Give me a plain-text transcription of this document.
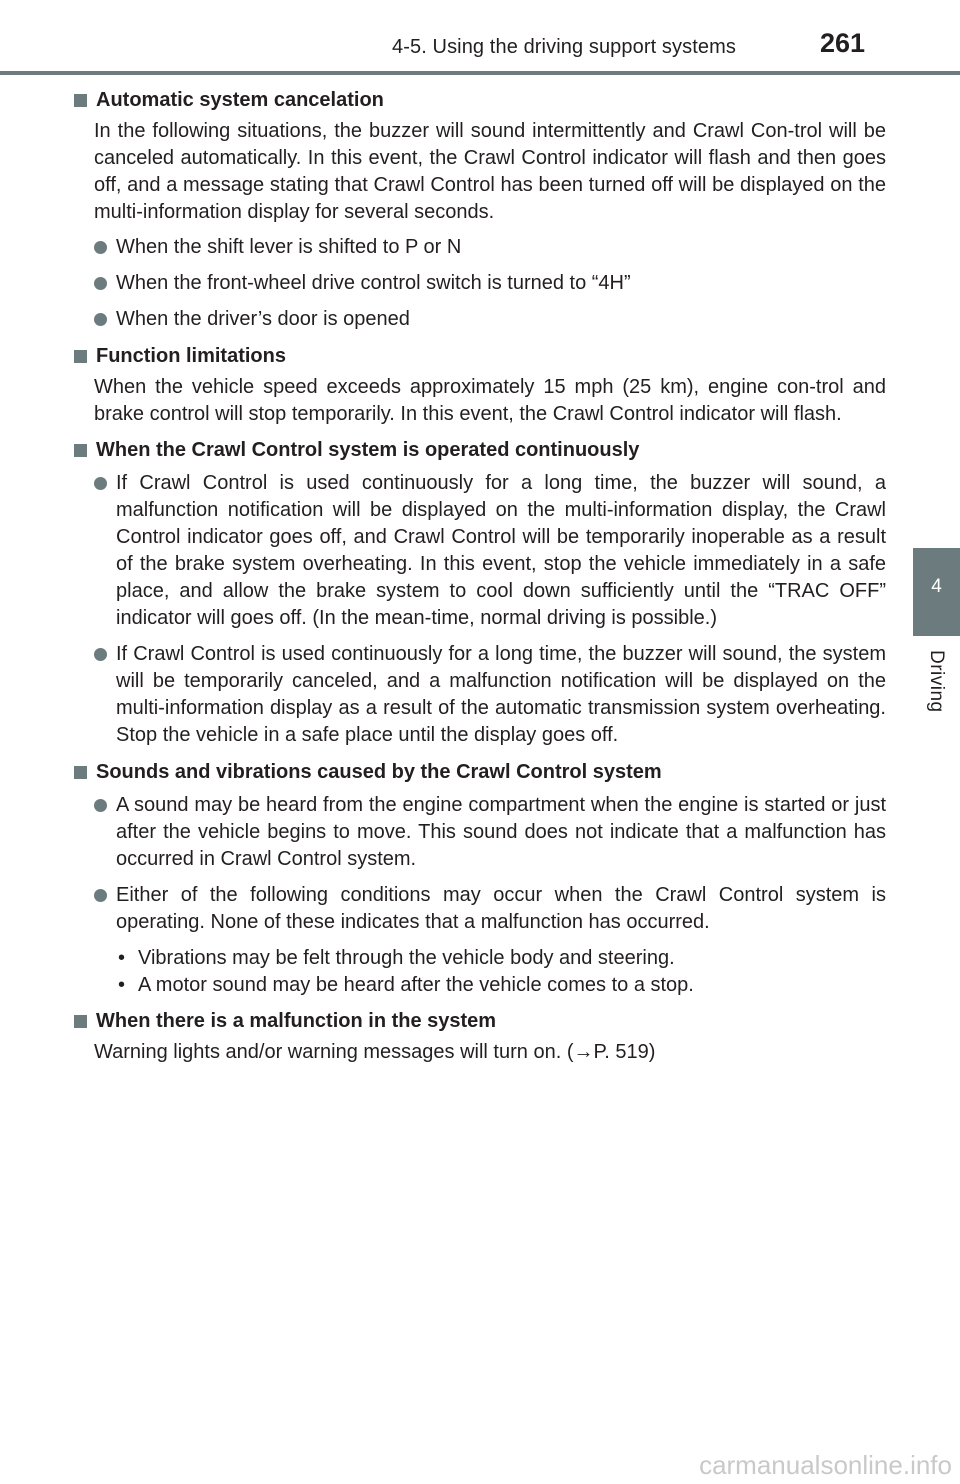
4-5. Using the driving support systems	261
4
Driving
Automatic system cancelation
In the following situations, the buzzer will sound intermittently and Crawl Con-trol will be canceled automatically. In this event, the Crawl Control indicator will flash and then goes off, and a message stating that Crawl Control has been turned off will be displayed on the multi-information display for several seconds.
When the shift lever is shifted to P or N
When the front-wheel drive control switch is turned to “4H”
When the driver’s door is opened
Function limitations
When the vehicle speed exceeds approximately 15 mph (25 km), engine con-trol and brake control will stop temporarily. In this event, the Crawl Control indicator will flash.
When the Crawl Control system is operated continuously
If Crawl Control is used continuously for a long time, the buzzer will sound, a malfunction notification will be displayed on the multi-information display, the Crawl Control indicator goes off, and Crawl Control will be temporarily inoperable as a result of the brake system overheating. In this event, stop the vehicle immediately in a safe place, and allow the brake system to cool down sufficiently until the “TRAC OFF” indicator will goes off. (In the mean-time, normal driving is possible.)
If Crawl Control is used continuously for a long time, the buzzer will sound, the system will be temporarily canceled, and a malfunction notification will be displayed on the multi-information display as a result of the automatic transmission system overheating. Stop the vehicle in a safe place until the display goes off.
Sounds and vibrations caused by the Crawl Control system
A sound may be heard from the engine compartment when the engine is started or just after the vehicle begins to move. This sound does not indicate that a malfunction has occurred in Crawl Control system.
Either of the following conditions may occur when the Crawl Control system is operating. None of these indicates that a malfunction has occurred.
• Vibrations may be felt through the vehicle body and steering.
• A motor sound may be heard after the vehicle comes to a stop.
When there is a malfunction in the system
Warning lights and/or warning messages will turn on. (→P. 519)
carmanualsonline.info
